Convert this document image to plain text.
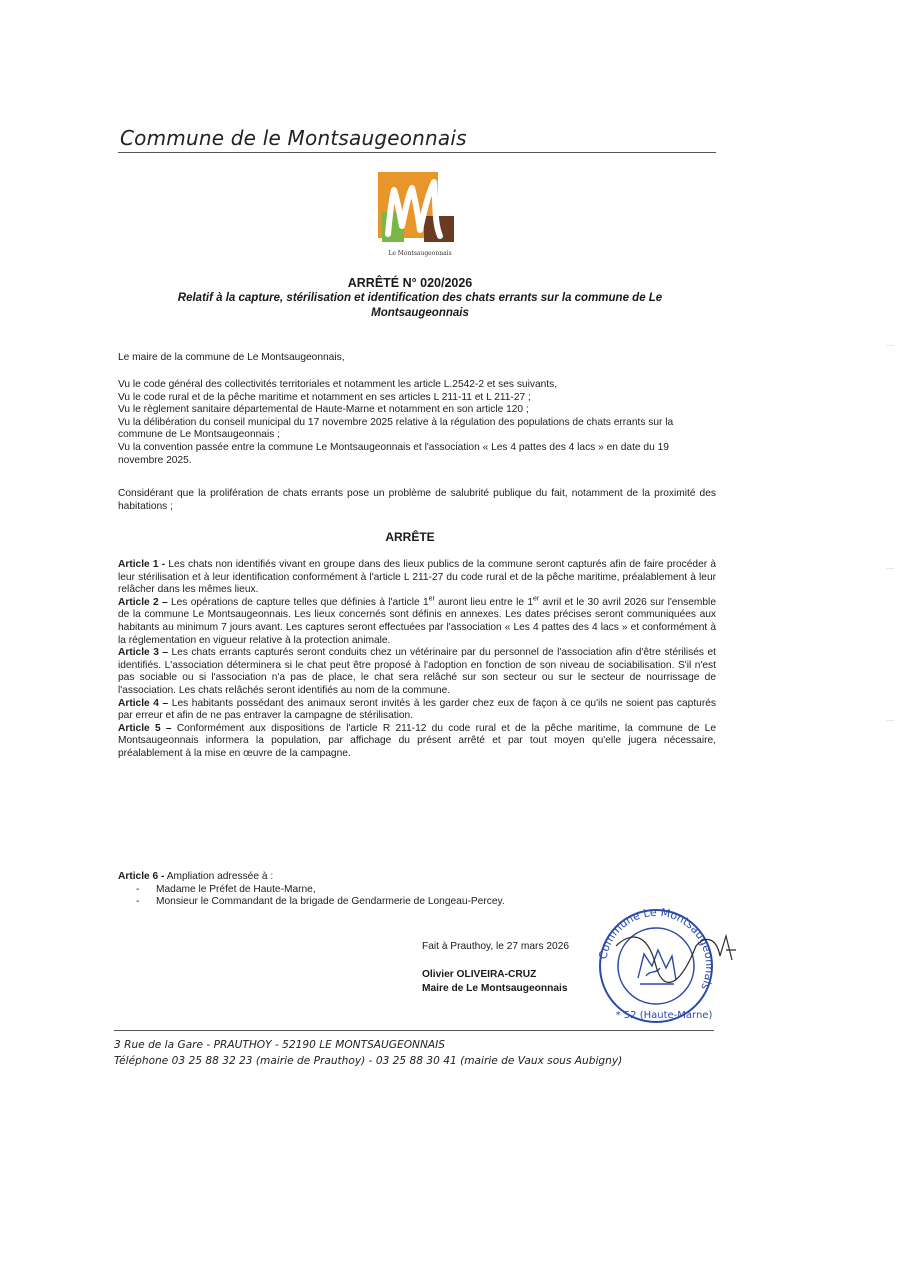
Commune de le Montsaugeonnais
Le Montsaugeonnais
ARRÊTÉ N° 020/2026
Relatif à la capture, stérilisation et identification des chats errants sur la commune de Le Montsaugeonnais

Le maire de la commune de Le Montsaugeonnais,

Vu le code général des collectivités territoriales et notamment les article L.2542-2 et ses suivants,

Vu le code rural et de la pêche maritime et notamment en ses articles L 211-11 et L 211-27 ;

Vu le règlement sanitaire départemental de Haute-Marne et notamment en son article 120 ;

Vu la délibération du conseil municipal du 17 novembre 2025 relative à la régulation des populations de chats errants sur la commune de Le Montsaugeonnais ;

Vu la convention passée entre la commune Le Montsaugeonnais et l'association « Les 4 pattes des 4 lacs » en date du 19 novembre 2025.

Considérant que la prolifération de chats errants pose un problème de salubrité publique du fait, notamment de la proximité des habitations ;

ARRÊTE

Article 1 - Les chats non identifiés vivant en groupe dans des lieux publics de la commune seront capturés afin de faire procéder à leur stérilisation et à leur identification conformément à l'article L 211-27 du code rural et de la pêche maritime, préalablement à leur relâcher dans les mêmes lieux.

Article 2 – Les opérations de capture telles que définies à l'article 1er auront lieu entre le 1er avril et le 30 avril 2026 sur l'ensemble de la commune Le Montsaugeonnais. Les lieux concernés sont définis en annexes. Les dates précises seront communiquées aux habitants au minimum 7 jours avant. Les captures seront effectuées par l'association « Les 4 pattes des 4 lacs » et conformément à la réglementation en vigueur relative à la protection animale.

Article 3 – Les chats errants capturés seront conduits chez un vétérinaire par du personnel de l'association afin d'être stérilisés et identifiés. L'association déterminera si le chat peut être proposé à l'adoption en fonction de son niveau de sociabilisation. S'il n'est pas sociable ou si l'association n'a pas de place, le chat sera relâché sur son secteur ou sur le secteur de nourrissage de l'association. Les chats relâchés seront identifiés au nom de la commune.

Article 4 – Les habitants possédant des animaux seront invités à les garder chez eux de façon à ce qu'ils ne soient pas capturés par erreur et afin de ne pas entraver la campagne de stérilisation.

Article 5 – Conformément aux dispositions de l'article R 211-12 du code rural et de la pêche maritime, la commune de Le Montsaugeonnais informera la population, par affichage du présent arrêté et par tout moyen qu'elle jugera nécessaire, préalablement à la mise en œuvre de la campagne.

Article 6 - Ampliation adressée à :

- Madame le Préfet de Haute-Marne,
- Monsieur le Commandant de la brigade de Gendarmerie de Longeau-Percey.
Fait à Prauthoy, le 27 mars 2026
Olivier OLIVEIRA-CRUZ
Maire de Le Montsaugeonnais
Commune Le Montsaugeonnais
* 52 (Haute-Marne)
3 Rue de la Gare - PRAUTHOY - 52190 LE MONTSAUGEONNAIS
Téléphone 03 25 88 32 23 (mairie de Prauthoy) - 03 25 88 30 41 (mairie de Vaux sous Aubigny)
